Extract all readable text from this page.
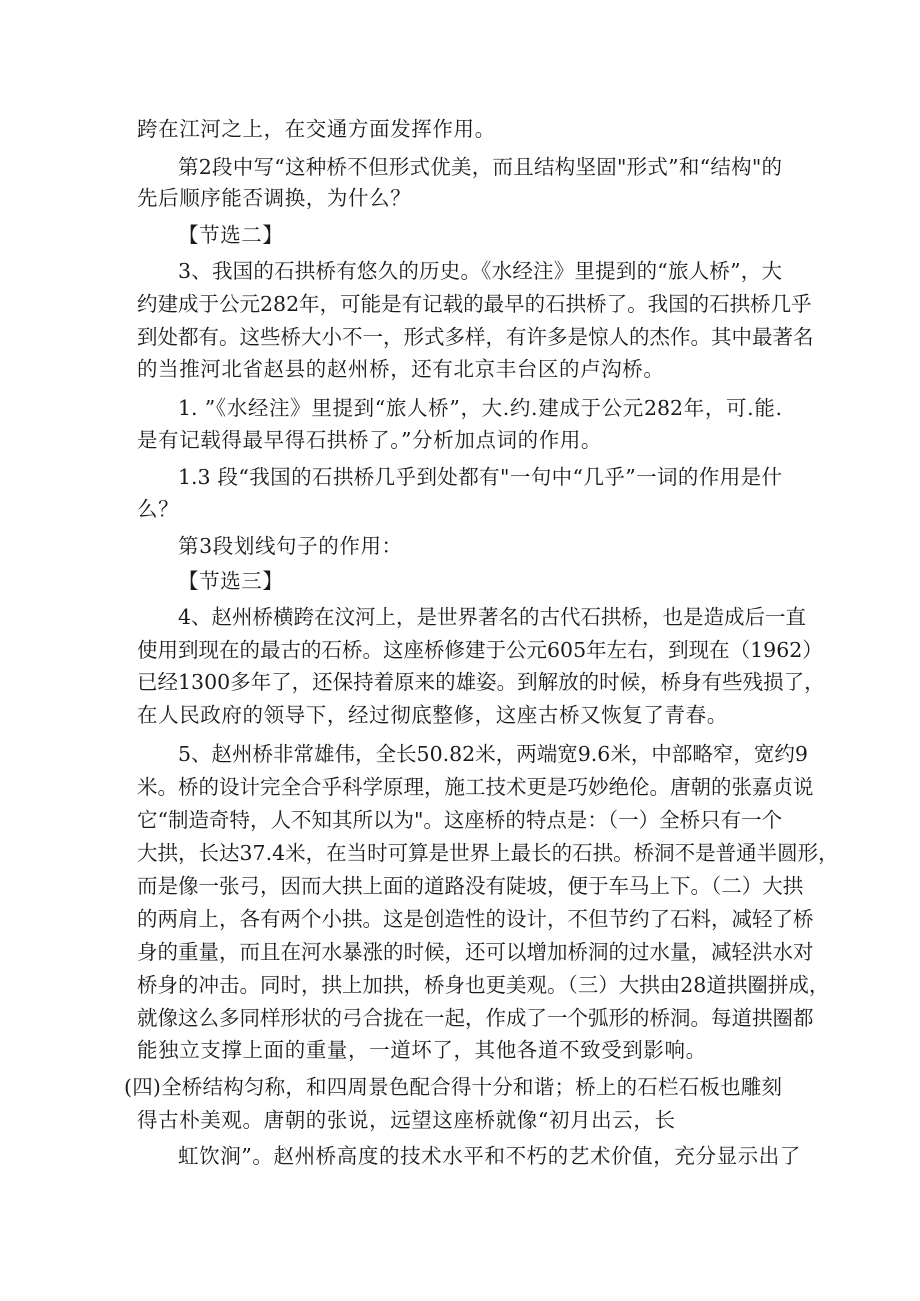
跨在江河之上，在交通方面发挥作用。
第2段中写“这种桥不但形式优美，而且结构坚固"形式”和“结构"的
先后顺序能否调换，为什么？
【节选二】
3、我国的石拱桥有悠久的历史。《水经注》里提到的“旅人桥”，大
约建成于公元282年，可能是有记载的最早的石拱桥了。我国的石拱桥几乎
到处都有。这些桥大小不一，形式多样，有许多是惊人的杰作。其中最著名
的当推河北省赵县的赵州桥，还有北京丰台区的卢沟桥。
1. ”《水经注》里提到“旅人桥”，大.约.建成于公元282年，可.能.
是有记载得最早得石拱桥了。”分析加点词的作用。
1.3 段“我国的石拱桥几乎到处都有"一句中“几乎”一词的作用是什
么？
第3段划线句子的作用：
【节选三】
4、赵州桥横跨在汶河上，是世界著名的古代石拱桥，也是造成后一直
使用到现在的最古的石桥。这座桥修建于公元605年左右，到现在（1962）
已经1300多年了，还保持着原来的雄姿。到解放的时候，桥身有些残损了，
在人民政府的领导下，经过彻底整修，这座古桥又恢复了青春。
5、赵州桥非常雄伟，全长50.82米，两端宽9.6米，中部略窄，宽约9
米。桥的设计完全合乎科学原理，施工技术更是巧妙绝伦。唐朝的张嘉贞说
它“制造奇特，人不知其所以为"。这座桥的特点是：（一）全桥只有一个
大拱，长达37.4米，在当时可算是世界上最长的石拱。桥洞不是普通半圆形，
而是像一张弓，因而大拱上面的道路没有陡坡，便于车马上下。（二）大拱
的两肩上，各有两个小拱。这是创造性的设计，不但节约了石料，减轻了桥
身的重量，而且在河水暴涨的时候，还可以增加桥洞的过水量，减轻洪水对
桥身的冲击。同时，拱上加拱，桥身也更美观。（三）大拱由28道拱圈拼成，
就像这么多同样形状的弓合拢在一起，作成了一个弧形的桥洞。每道拱圈都
能独立支撑上面的重量，一道坏了，其他各道不致受到影响。
(四)全桥结构匀称，和四周景色配合得十分和谐；桥上的石栏石板也雕刻
得古朴美观。唐朝的张说，远望这座桥就像“初月出云，长
虹饮涧”。赵州桥高度的技术水平和不朽的艺术价值，充分显示出了
